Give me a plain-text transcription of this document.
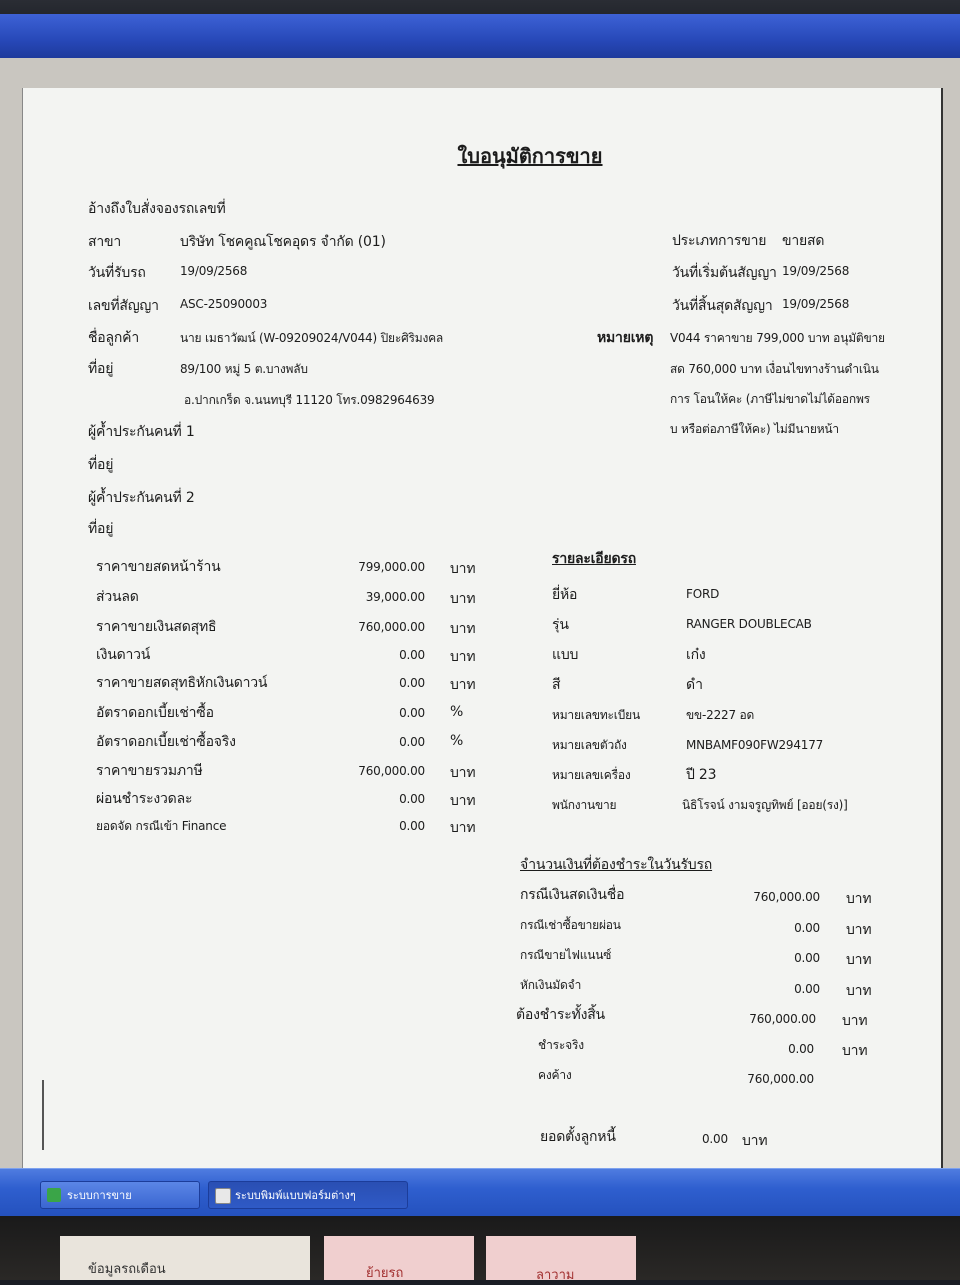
ใบอนุมัติการขาย
อ้างถึงใบสั่งจองรถเลขที่
สาขา	บริษัท โชคคูณโชคอุดร จำกัด (01)
วันที่รับรถ	19/09/2568
เลขที่สัญญา ASC-25090003
ชื่อลูกค้า	นาย เมธาวัฒน์ (W-09209024/V044) ปิยะศิริมงคล
ที่อยู่	89/100 หมู่ 5 ต.บางพลับ
อ.ปากเกร็ด จ.นนทบุรี 11120 โทร.0982964639
ผู้ค้ำประกันคนที่ 1
ที่อยู่
ผู้ค้ำประกันคนที่ 2
ที่อยู่
ประเภทการขาย ขายสด
วันที่เริ่มต้นสัญญา 19/09/2568
วันที่สิ้นสุดสัญญา 19/09/2568
หมายเหตุ V044 ราคาขาย 799,000 บาท อนุมัติขาย
สด 760,000 บาท เงื่อนไขทางร้านดำเนิน
การ โอนให้คะ (ภาษีไม่ขาดไม่ได้ออกพร
บ หรือต่อภาษีให้คะ) ไม่มีนายหน้า
ราคาขายสดหน้าร้าน	799,000.00 บาท
ส่วนลด	39,000.00 บาท
ราคาขายเงินสดสุทธิ	760,000.00 บาท
เงินดาวน์	0.00 บาท
ราคาขายสดสุทธิหักเงินดาวน์	0.00 บาท
อัตราดอกเบี้ยเช่าซื้อ	0.00 %
อัตราดอกเบี้ยเช่าซื้อจริง	0.00 %
ราคาขายรวมภาษี	760,000.00 บาท
ผ่อนชำระงวดละ	0.00 บาท
ยอดจัด กรณีเข้า Finance	0.00 บาท
รายละเอียดรถ
ยี่ห้อ	FORD
รุ่น	RANGER DOUBLECAB
แบบ	เก๋ง
สี	ดำ
หมายเลขทะเบียน	ขข-2227 อด
หมายเลขตัวถัง	MNBAMF090FW294177
หมายเลขเครื่อง	ปี 23
พนักงานขาย	นิธิโรจน์ งามจรูญทิพย์ [ออย(รง)]
จำนวนเงินที่ต้องชำระในวันรับรถ
กรณีเงินสดเงินชื่อ	760,000.00 บาท
กรณีเช่าซื้อขายผ่อน	0.00 บาท
กรณีขายไฟแนนซ์	0.00 บาท
หักเงินมัดจำ	0.00 บาท
ต้องชำระทั้งสิ้น	760,000.00 บาท
ชำระจริง	0.00 บาท
คงค้าง	760,000.00
ยอดตั้งลูกหนี้	0.00 บาท
ระบบการขาย	ระบบพิมพ์แบบฟอร์มต่างๆ
ข้อมูลรถเดือน	ย้ายรถ	ลาวาม
